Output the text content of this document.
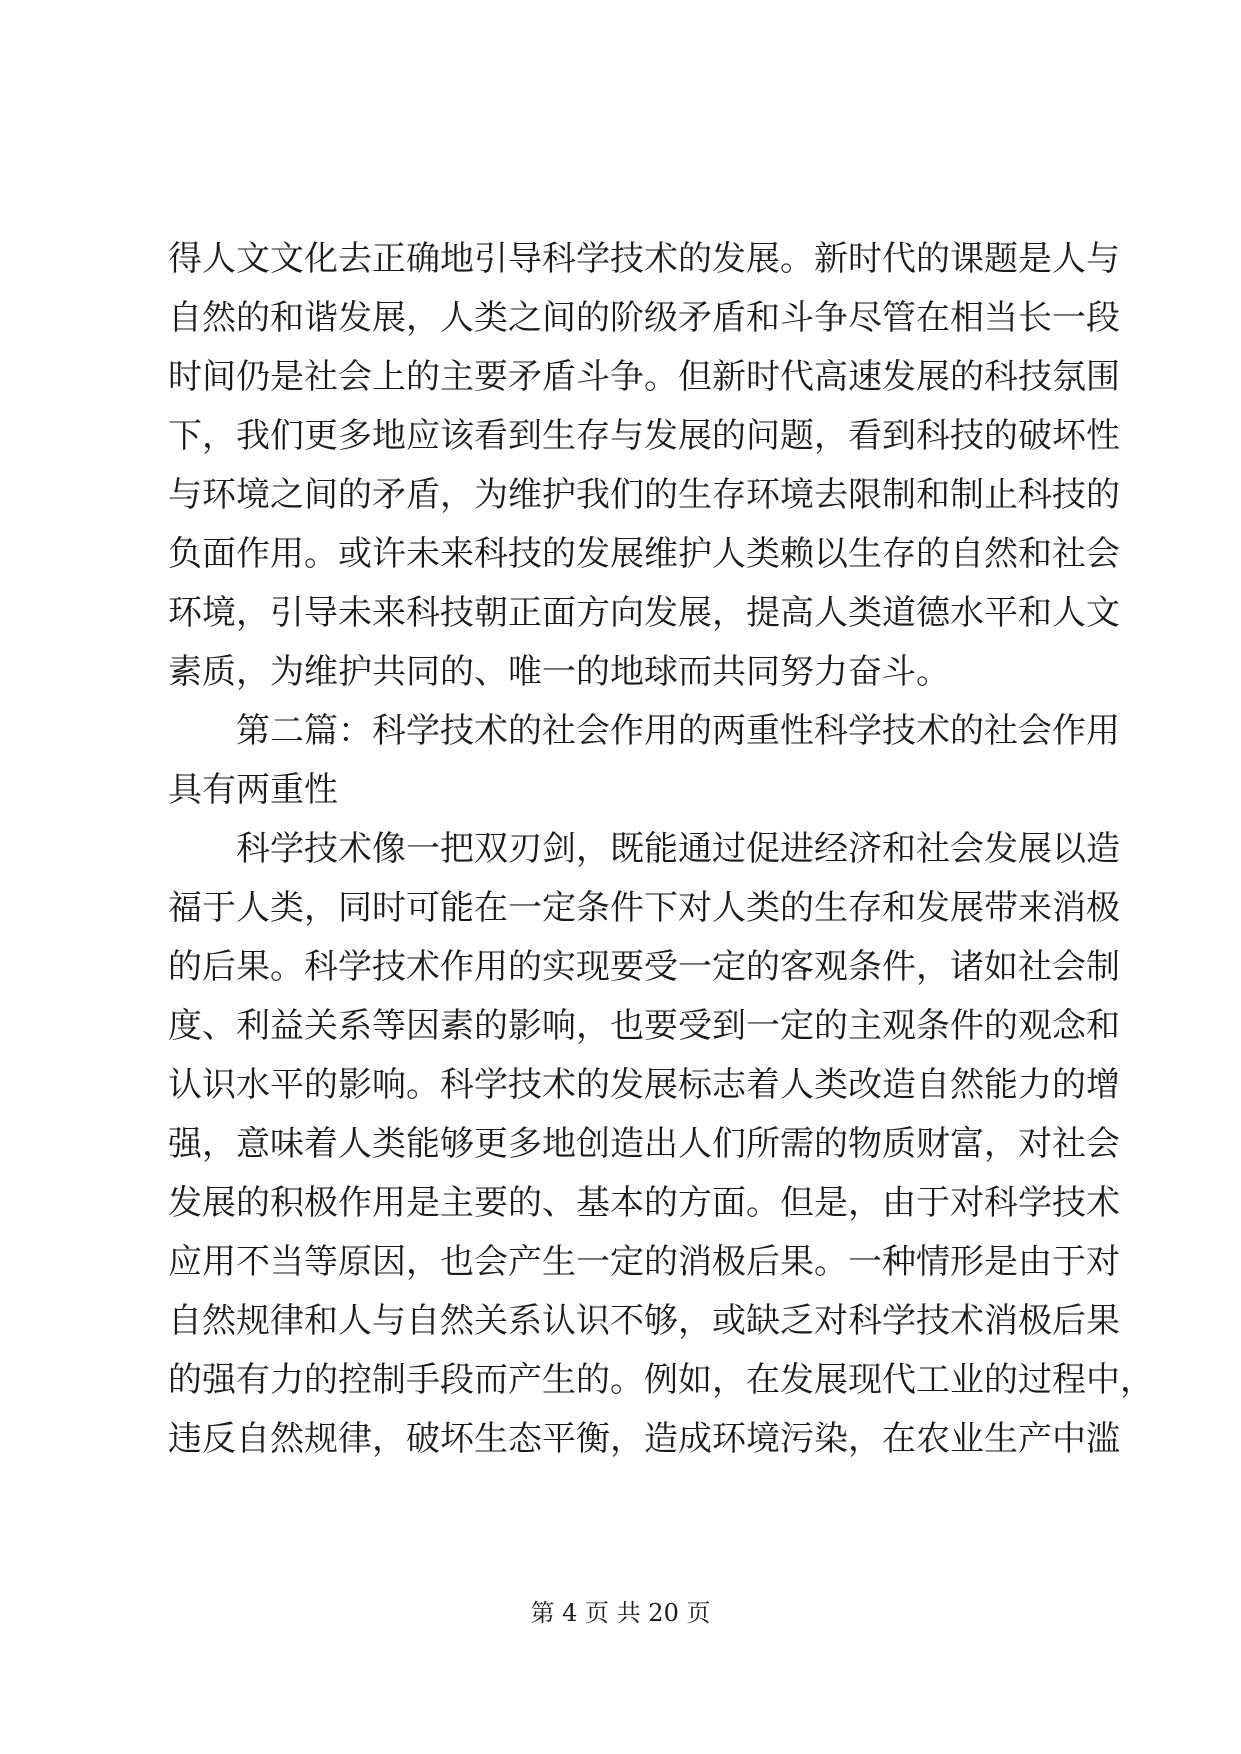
得人文文化去正确地引导科学技术的发展。新时代的课题是人与
自然的和谐发展，人类之间的阶级矛盾和斗争尽管在相当长一段
时间仍是社会上的主要矛盾斗争。但新时代高速发展的科技氛围
下，我们更多地应该看到生存与发展的问题，看到科技的破坏性
与环境之间的矛盾，为维护我们的生存环境去限制和制止科技的
负面作用。或许未来科技的发展维护人类赖以生存的自然和社会
环境，引导未来科技朝正面方向发展，提高人类道德水平和人文
素质，为维护共同的、唯一的地球而共同努力奋斗。
第二篇：科学技术的社会作用的两重性科学技术的社会作用
具有两重性
科学技术像一把双刃剑，既能通过促进经济和社会发展以造
福于人类，同时可能在一定条件下对人类的生存和发展带来消极
的后果。科学技术作用的实现要受一定的客观条件，诸如社会制
度、利益关系等因素的影响，也要受到一定的主观条件的观念和
认识水平的影响。科学技术的发展标志着人类改造自然能力的增
强，意味着人类能够更多地创造出人们所需的物质财富，对社会
发展的积极作用是主要的、基本的方面。但是，由于对科学技术
应用不当等原因，也会产生一定的消极后果。一种情形是由于对
自然规律和人与自然关系认识不够，或缺乏对科学技术消极后果
的强有力的控制手段而产生的。例如，在发展现代工业的过程中，
违反自然规律，破坏生态平衡，造成环境污染，在农业生产中滥
第 4 页 共 20 页
